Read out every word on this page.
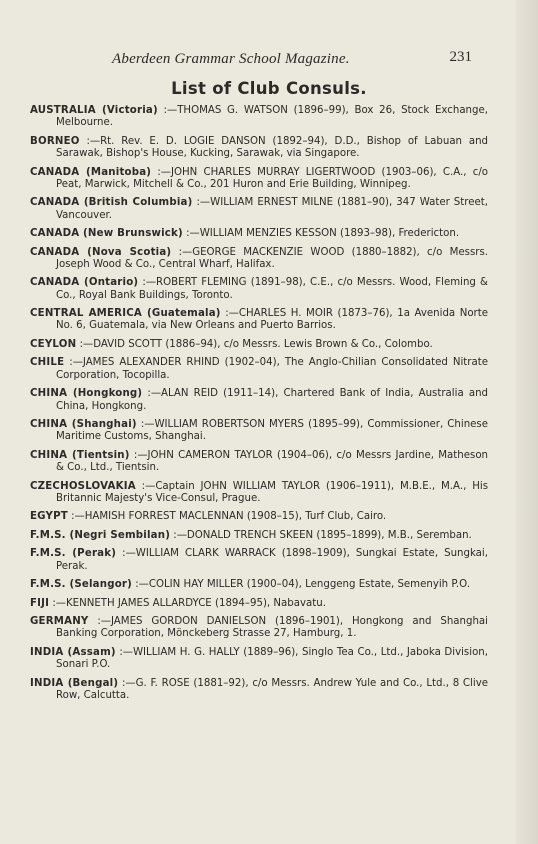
Aberdeen Grammar School Magazine.	231
List of Club Consuls.

AUSTRALIA (Victoria) :—THOMAS G. WATSON (1896–99), Box 26, Stock Exchange, Melbourne.

BORNEO :—Rt. Rev. E. D. LOGIE DANSON (1892–94), D.D., Bishop of Labuan and Sarawak, Bishop's House, Kucking, Sarawak, via Singapore.

CANADA (Manitoba) :—JOHN CHARLES MURRAY LIGERTWOOD (1903–06), C.A., c/o Peat, Marwick, Mitchell & Co., 201 Huron and Erie Building, Winnipeg.

CANADA (British Columbia) :—WILLIAM ERNEST MILNE (1881–90), 347 Water Street, Vancouver.

CANADA (New Brunswick) :—WILLIAM MENZIES KESSON (1893–98), Fredericton.

CANADA (Nova Scotia) :—GEORGE MACKENZIE WOOD (1880–1882), c/o Messrs. Joseph Wood & Co., Central Wharf, Halifax.

CANADA (Ontario) :—ROBERT FLEMING (1891–98), C.E., c/o Messrs. Wood, Fleming & Co., Royal Bank Buildings, Toronto.

CENTRAL AMERICA (Guatemala) :—CHARLES H. MOIR (1873–76), 1a Avenida Norte No. 6, Guatemala, via New Orleans and Puerto Barrios.

CEYLON :—DAVID SCOTT (1886–94), c/o Messrs. Lewis Brown & Co., Colombo.

CHILE :—JAMES ALEXANDER RHIND (1902–04), The Anglo-Chilian Consolidated Nitrate Corporation, Tocopilla.

CHINA (Hongkong) :—ALAN REID (1911–14), Chartered Bank of India, Australia and China, Hongkong.

CHINA (Shanghai) :—WILLIAM ROBERTSON MYERS (1895–99), Commissioner, Chinese Maritime Customs, Shanghai.

CHINA (Tientsin) :—JOHN CAMERON TAYLOR (1904–06), c/o Messrs Jardine, Matheson & Co., Ltd., Tientsin.

CZECHOSLOVAKIA :—Captain JOHN WILLIAM TAYLOR (1906–1911), M.B.E., M.A., His Britannic Majesty's Vice-Consul, Prague.

EGYPT :—HAMISH FORREST MACLENNAN (1908–15), Turf Club, Cairo.

F.M.S. (Negri Sembilan) :—DONALD TRENCH SKEEN (1895–1899), M.B., Seremban.

F.M.S. (Perak) :—WILLIAM CLARK WARRACK (1898–1909), Sungkai Estate, Sungkai, Perak.

F.M.S. (Selangor) :—COLIN HAY MILLER (1900–04), Lenggeng Estate, Semenyih P.O.

FIJI :—KENNETH JAMES ALLARDYCE (1894–95), Nabavatu.

GERMANY :—JAMES GORDON DANIELSON (1896–1901), Hongkong and Shanghai Banking Corporation, Mönckeberg Strasse 27, Hamburg, 1.

INDIA (Assam) :—WILLIAM H. G. HALLY (1889–96), Singlo Tea Co., Ltd., Jaboka Division, Sonari P.O.

INDIA (Bengal) :—G. F. ROSE (1881–92), c/o Messrs. Andrew Yule and Co., Ltd., 8 Clive Row, Calcutta.
